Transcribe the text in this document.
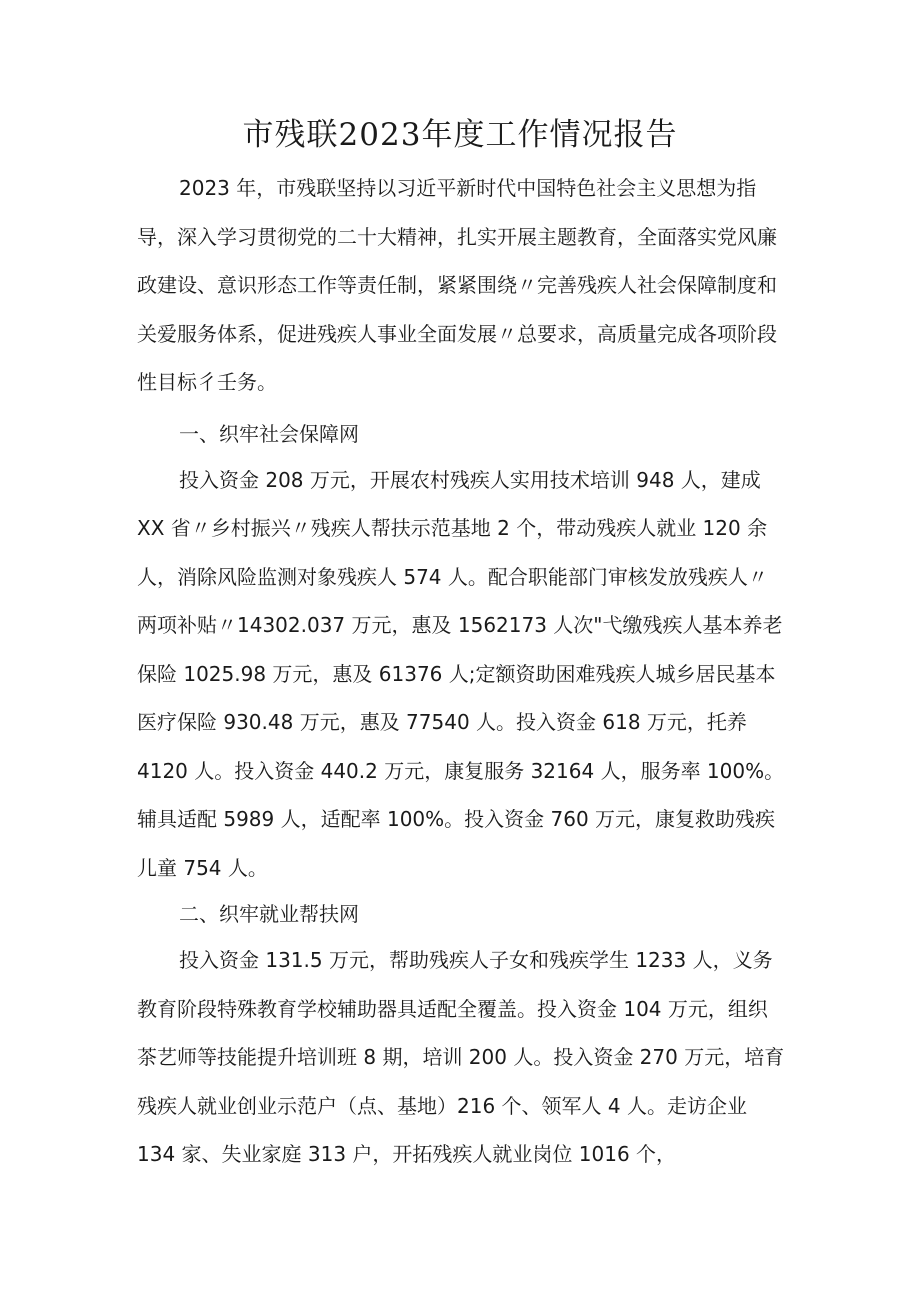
市残联2023年度工作情况报告

2023 年，市残联坚持以习近平新时代中国特色社会主义思想为指

导，深入学习贯彻党的二十大精神，扎实开展主题教育，全面落实党风廉

政建设、意识形态工作等责任制，紧紧围绕〃完善残疾人社会保障制度和

关爱服务体系，促进残疾人事业全面发展〃总要求，高质量完成各项阶段

性目标彳壬务。

一、织牢社会保障网

投入资金 208 万元，开展农村残疾人实用技术培训 948 人，建成

XX 省〃乡村振兴〃残疾人帮扶示范基地 2 个，带动残疾人就业 120 余

人，消除风险监测对象残疾人 574 人。配合职能部门审核发放残疾人〃

两项补贴〃14302.037 万元，惠及 1562173 人次"弋缴残疾人基本养老

保险 1025.98 万元，惠及 61376 人;定额资助困难残疾人城乡居民基本

医疗保险 930.48 万元，惠及 77540 人。投入资金 618 万元，托养

4120 人。投入资金 440.2 万元，康复服务 32164 人，服务率 100%。

辅具适配 5989 人，适配率 100%。投入资金 760 万元，康复救助残疾

儿童 754 人。

二、织牢就业帮扶网

投入资金 131.5 万元，帮助残疾人子女和残疾学生 1233 人，义务

教育阶段特殊教育学校辅助器具适配全覆盖。投入资金 104 万元，组织

茶艺师等技能提升培训班 8 期，培训 200 人。投入资金 270 万元，培育

残疾人就业创业示范户（点、基地）216 个、领军人 4 人。走访企业

134 家、失业家庭 313 户，开拓残疾人就业岗位 1016 个，
